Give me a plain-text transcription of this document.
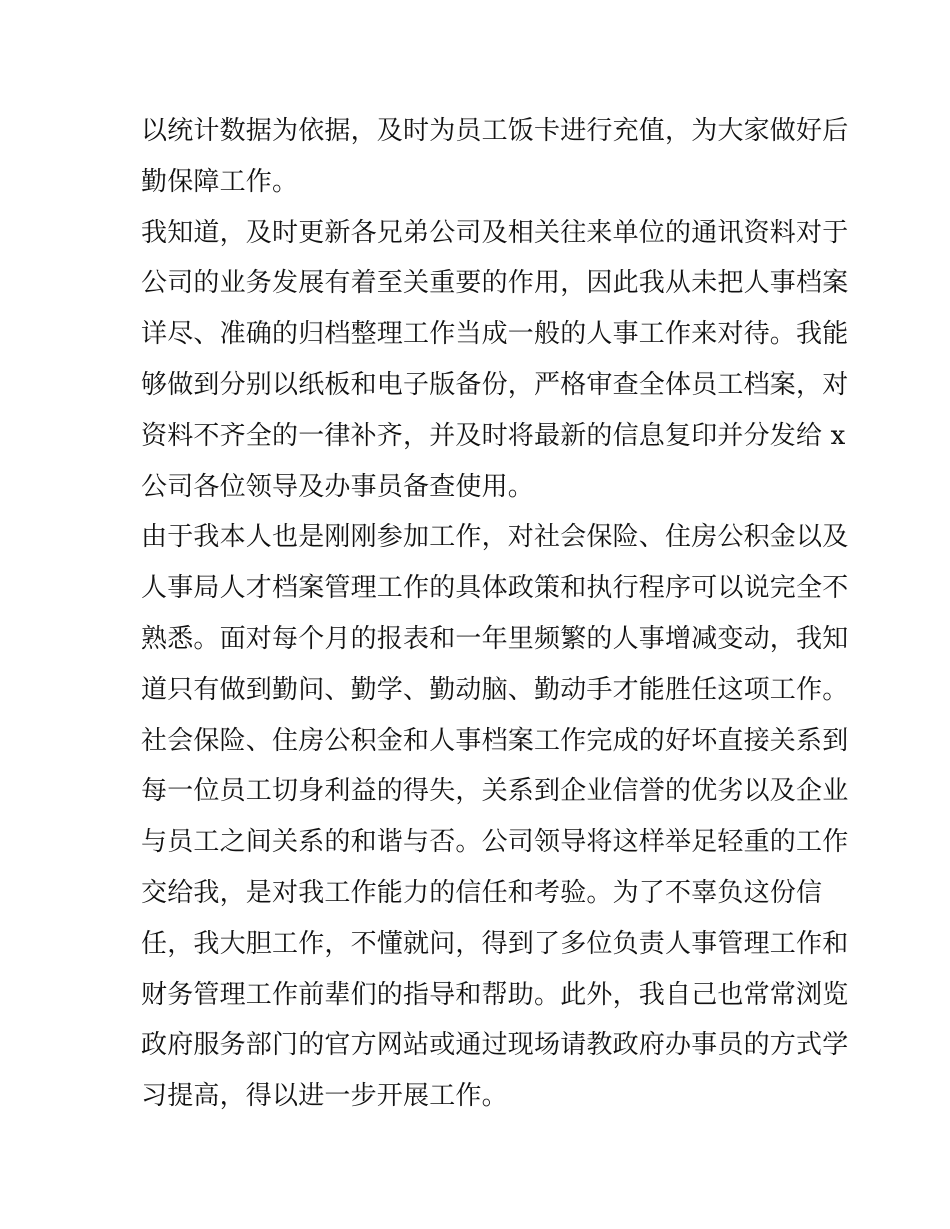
以统计数据为依据，及时为员工饭卡进行充值，为大家做好后
勤保障工作。
我知道，及时更新各兄弟公司及相关往来单位的通讯资料对于
公司的业务发展有着至关重要的作用，因此我从未把人事档案
详尽、准确的归档整理工作当成一般的人事工作来对待。我能
够做到分别以纸板和电子版备份，严格审查全体员工档案，对
资料不齐全的一律补齐，并及时将最新的信息复印并分发给 x
公司各位领导及办事员备查使用。
由于我本人也是刚刚参加工作，对社会保险、住房公积金以及
人事局人才档案管理工作的具体政策和执行程序可以说完全不
熟悉。面对每个月的报表和一年里频繁的人事增减变动，我知
道只有做到勤问、勤学、勤动脑、勤动手才能胜任这项工作。
社会保险、住房公积金和人事档案工作完成的好坏直接关系到
每一位员工切身利益的得失，关系到企业信誉的优劣以及企业
与员工之间关系的和谐与否。公司领导将这样举足轻重的工作
交给我，是对我工作能力的信任和考验。为了不辜负这份信
任，我大胆工作，不懂就问，得到了多位负责人事管理工作和
财务管理工作前辈们的指导和帮助。此外，我自己也常常浏览
政府服务部门的官方网站或通过现场请教政府办事员的方式学
习提高，得以进一步开展工作。
